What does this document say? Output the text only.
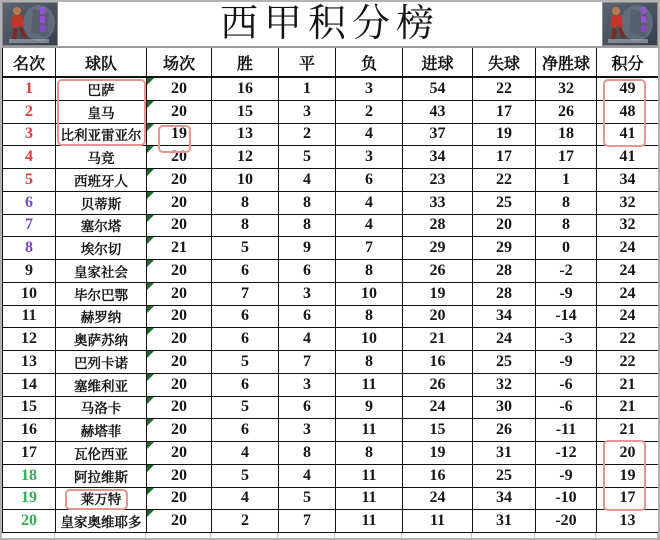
西甲积分榜
名次	球队	场次	胜	平	负	进球	失球	净胜球	积分
1	巴萨	20	16	1	3	54	22	32	49
2	皇马	20	15	3	2	43	17	26	48
3	比利亚雷亚尔	19	13	2	4	37	19	18	41
4	马竞	20	12	5	3	34	17	17	41
5	西班牙人	20	10	4	6	23	22	1	34
6	贝蒂斯	20	8	8	4	33	25	8	32
7	塞尔塔	20	8	8	4	28	20	8	32
8	埃尔切	21	5	9	7	29	29	0	24
9	皇家社会	20	6	6	8	26	28	-2	24
10	毕尔巴鄂	20	7	3	10	19	28	-9	24
11	赫罗纳	20	6	6	8	20	34	-14	24
12	奥萨苏纳	20	6	4	10	21	24	-3	22
13	巴列卡诺	20	5	7	8	16	25	-9	22
14	塞维利亚	20	6	3	11	26	32	-6	21
15	马洛卡	20	5	6	9	24	30	-6	21
16	赫塔菲	20	6	3	11	15	26	-11	21
17	瓦伦西亚	20	4	8	8	19	31	-12	20
18	阿拉维斯	20	5	4	11	16	25	-9	19
19	莱万特	20	4	5	11	24	34	-10	17
20	皇家奥维耶多	20	2	7	11	11	31	-20	13
